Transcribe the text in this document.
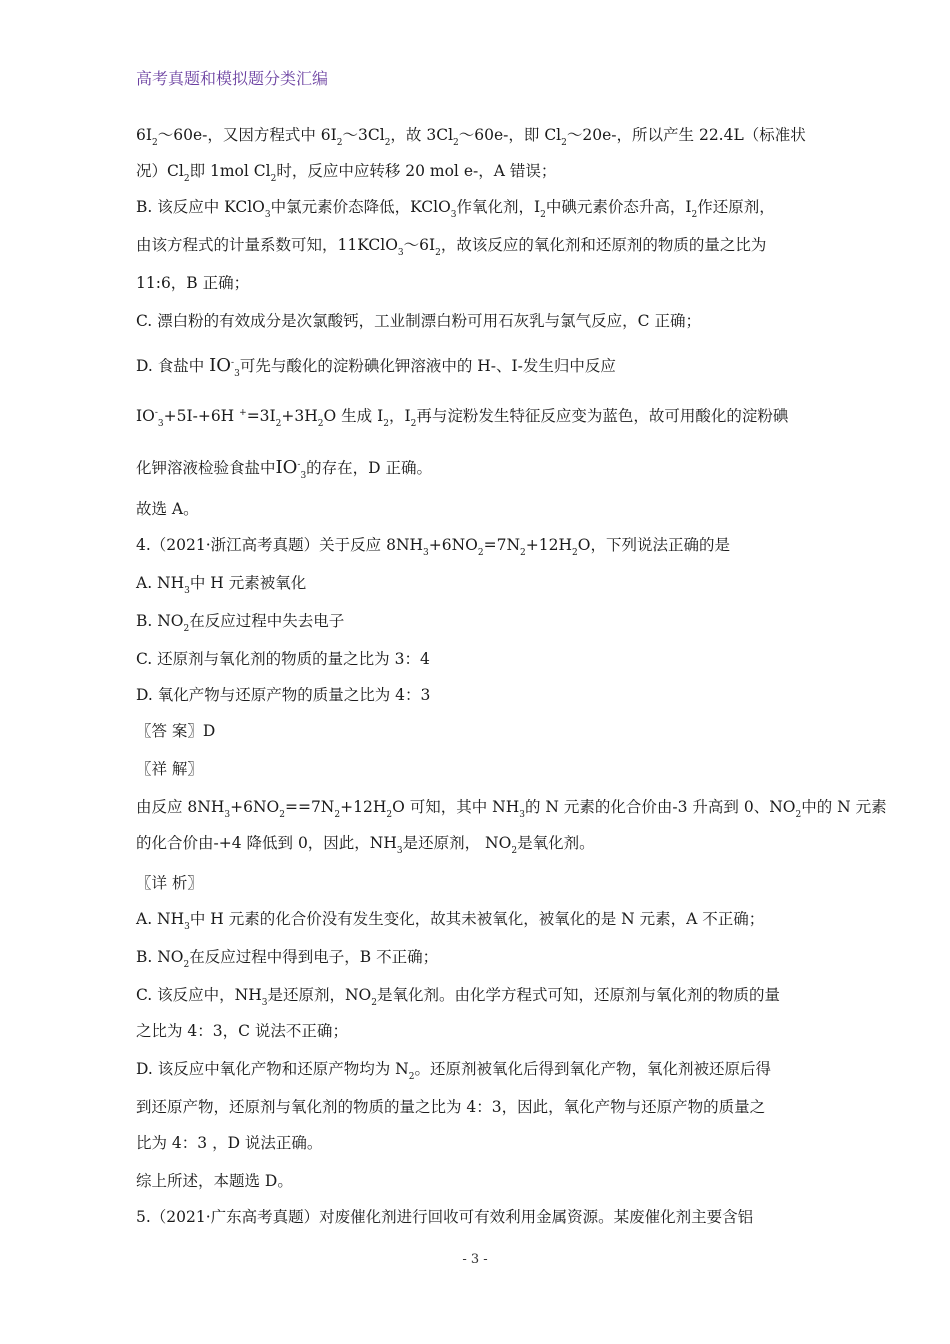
高考真题和模拟题分类汇编
$6I_2\sim 60e-$，又因方程式中 $6I_2\sim 3Cl_2$，故 $3Cl_2\sim 60e-$，即 $Cl_2\sim 20e-$，所以产生 22.4L（标准状
况）$Cl_2$即 1mol $Cl_2$时，反应中应转移 20 mol e-，A 错误；
B. 该反应中 KClO$_3$中氯元素价态降低，KClO$_3$作氧化剂，$I_2$中碘元素价态升高，$I_2$作还原剂，
由该方程式的计量系数可知，$11KClO_3\sim 6I_2$，故该反应的氧化剂和还原剂的物质的量之比为
11:6，B 正确；
C. 漂白粉的有效成分是次氯酸钙，工业制漂白粉可用石灰乳与氯气反应，C 正确；
D. 食盐中 $IO^-_3$可先与酸化的淀粉碘化钾溶液中的 H-、I-发生归中反应
$IO^-_3+5I-+6H$ $^+=3I_2+3H_2O$ 生成 $I_2$，$I_2$再与淀粉发生特征反应变为蓝色，故可用酸化的淀粉碘
化钾溶液检验食盐中$IO^-_3$的存在，D 正确。
故选 A。
4.（2021·浙江高考真题）关于反应 $8NH_3+6NO_2=7N_2+12H_2O$，下列说法正确的是
A. $NH_3$中 H 元素被氧化
B. $NO_2$在反应过程中失去电子
C. 还原剂与氧化剂的物质的量之比为 3：4
D. 氧化产物与还原产物的质量之比为 4：3
〖答 案〗D
〖祥 解〗
由反应 $8NH_3+6NO_2==7N_2+12H_2O$ 可知，其中 $NH_3$的 N 元素的化合价由-3 升高到 0、$NO_2$中的 N 元素
的化合价由-+4 降低到 0，因此，$NH_3$是还原剂， $NO_2$是氧化剂。
〖详 析〗
A. $NH_3$中 H 元素的化合价没有发生变化，故其未被氧化，被氧化的是 N 元素，A 不正确；
B. $NO_2$在反应过程中得到电子，B 不正确；
C. 该反应中，$NH_3$是还原剂，$NO_2$是氧化剂。由化学方程式可知，还原剂与氧化剂的物质的量
之比为 4：3，C 说法不正确；
D. 该反应中氧化产物和还原产物均为 $N_2$。还原剂被氧化后得到氧化产物，氧化剂被还原后得
到还原产物，还原剂与氧化剂的物质的量之比为 4：3，因此，氧化产物与还原产物的质量之
比为 4：3 ，D 说法正确。
综上所述，本题选 D。
5.（2021·广东高考真题）对废催化剂进行回收可有效利用金属资源。某废催化剂主要含铝
- 3 -
